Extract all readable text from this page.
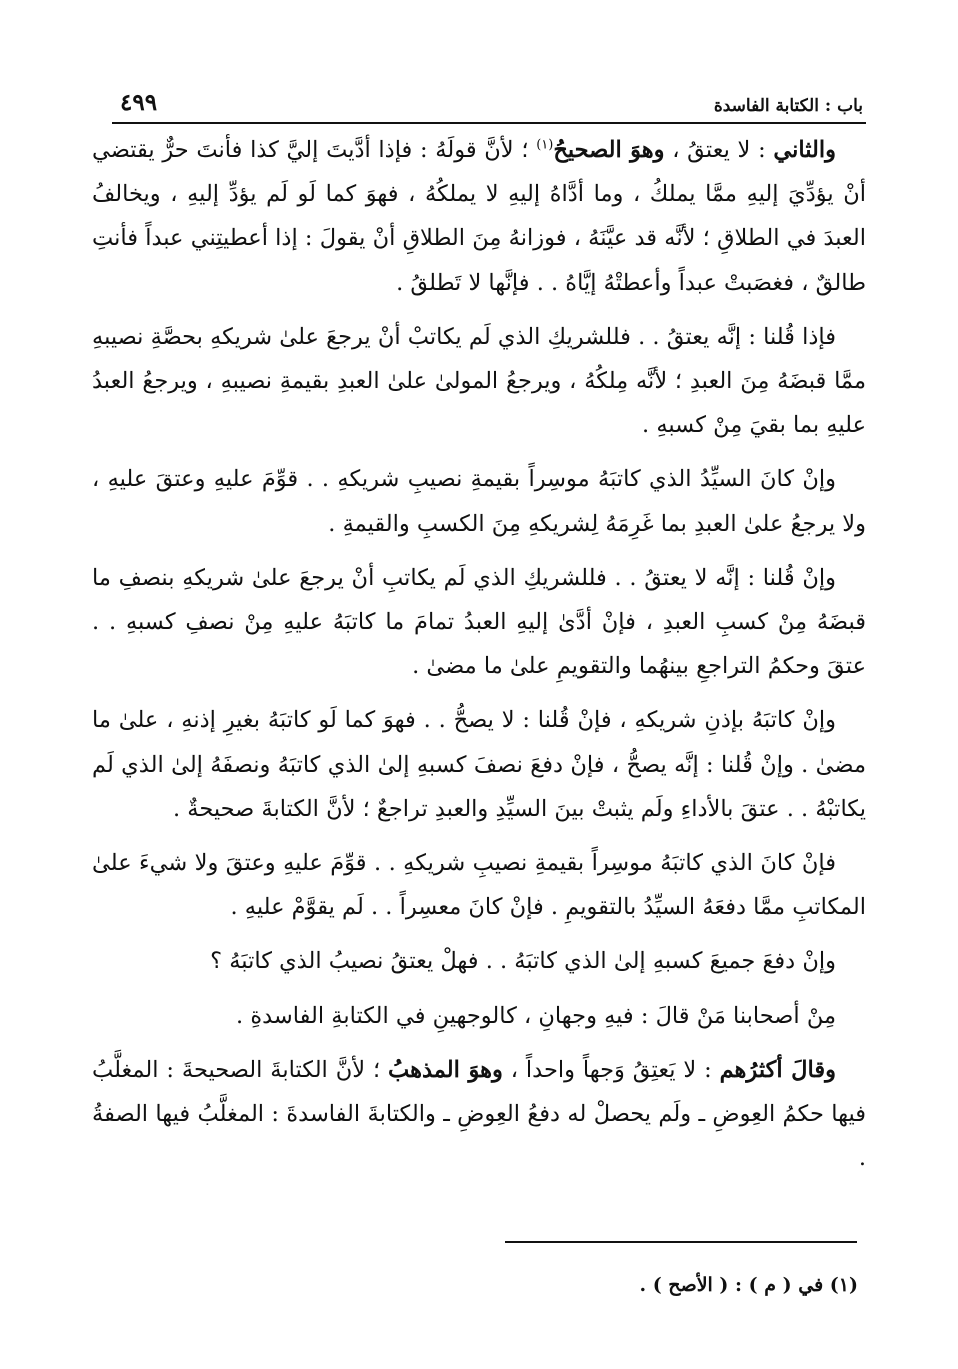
باب : الكتابة الفاسدة
٤٩٩

والثاني : لا يعتقُ ، وهوَ الصحيحُ$^{(١)}$ ؛ لأنَّ قولَهُ : فإذا أدَّيتَ إليَّ كذا فأنتَ حرٌّ يقتضي أنْ يؤدِّيَ إليهِ ممَّا يملكُ ، وما أدَّاهُ إليهِ لا يملكُهُ ، فهوَ كما لَو لَم يؤدِّ إليهِ ، ويخالفُ العبدَ في الطلاقِ ؛ لأنَّه قد عيَّنَهُ ، فوزانهُ مِنَ الطلاقِ أنْ يقولَ : إذا أعطيتِني عبداً فأنتِ طالقٌ ، فغصَبتْ عبداً وأعطتْهُ إيَّاهُ . . فإنَّها لا تَطلقُ .

فإذا قُلنا : إنَّه يعتقُ . . فللشريكِ الذي لَم يكاتبْ أنْ يرجعَ علىٰ شريكهِ بحصَّةِ نصيبهِ ممَّا قبضَهُ مِنَ العبدِ ؛ لأنَّه مِلكُهُ ، ويرجعُ المولىٰ علىٰ العبدِ بقيمةِ نصيبهِ ، ويرجعُ العبدُ عليهِ بما بقيَ مِنْ كسبهِ .

وإنْ كانَ السيِّدُ الذي كاتبَهُ موسِراً بقيمةِ نصيبِ شريكهِ . . قوِّمَ عليهِ وعتقَ عليهِ ، ولا يرجعُ علىٰ العبدِ بما غَرِمَهُ لِشريكهِ مِنَ الكسبِ والقيمةِ .

وإنْ قُلنا : إنَّه لا يعتقُ . . فللشريكِ الذي لَم يكاتبِ أنْ يرجعَ علىٰ شريكهِ بنصفِ ما قبضَهُ مِنْ كسبِ العبدِ ، فإنْ أدَّىٰ إليهِ العبدُ تمامَ ما كاتبَهُ عليهِ مِنْ نصفِ كسبهِ . . عتقَ وحكمُ التراجعِ بينهُما والتقويمِ علىٰ ما مضىٰ .

وإنْ كاتبَهُ بإذنِ شريكهِ ، فإنْ قُلنا : لا يصحُّ . . فهوَ كما لَو كاتبَهُ بغيرِ إذنهِ ، علىٰ ما مضىٰ . وإنْ قُلنا : إنَّه يصحُّ ، فإنْ دفعَ نصفَ كسبهِ إلىٰ الذي كاتبَهُ ونصفَهُ إلىٰ الذي لَم يكاتبْهُ . . عتقَ بالأداءِ ولَم يثبتْ بينَ السيِّدِ والعبدِ تراجعٌ ؛ لأنَّ الكتابةَ صحيحةٌ .

فإنْ كانَ الذي كاتبَهُ موسِراً بقيمةِ نصيبِ شريكهِ . . قوِّمَ عليهِ وعتقَ ولا شيءَ علىٰ المكاتبِ ممَّا دفعَهُ السيِّدُ بالتقويمِ . فإنْ كانَ معسِراً . . لَم يقوَّمْ عليهِ .

وإنْ دفعَ جميعَ كسبهِ إلىٰ الذي كاتبَهُ . . فهلْ يعتقُ نصيبُ الذي كاتبَهُ ؟

مِنْ أصحابنا مَنْ قالَ : فيهِ وجهانِ ، كالوجهينِ في الكتابةِ الفاسدةِ .

وقالَ أكثرُهم : لا يَعتِقُ وَجهاً واحداً ، وهوَ المذهبُ ؛ لأنَّ الكتابةَ الصحيحةَ : المغلَّبُ فيها حكمُ العِوضِ ـ ولَم يحصلْ له دفعُ العِوضِ ـ والكتابةَ الفاسدةَ : المغلَّبُ فيها الصفةُ .

(١) في ( م ) : ( الأصح ) .
